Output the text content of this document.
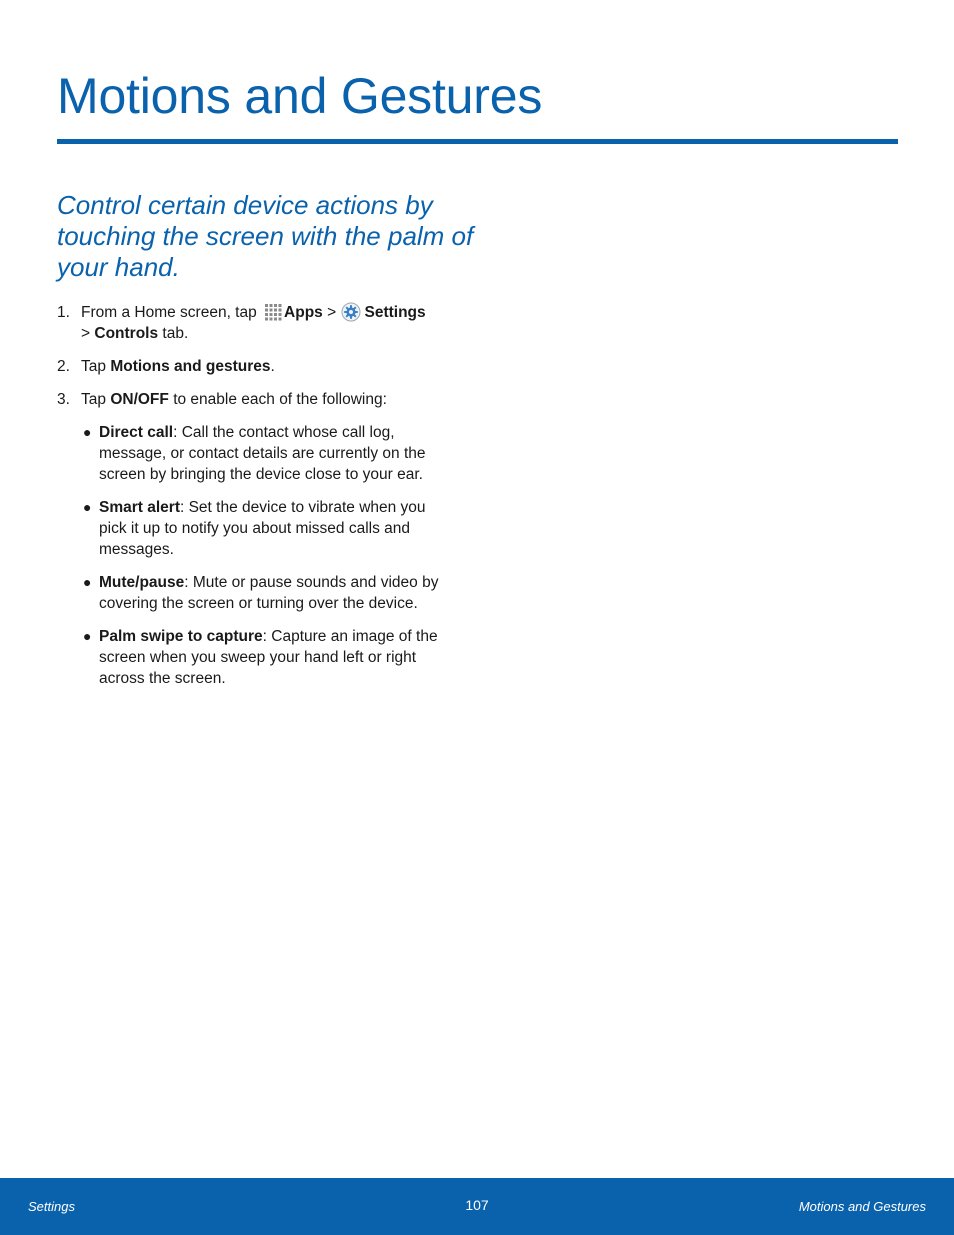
Motions and Gestures
Control certain device actions by touching the screen with the palm of your hand.
1. From a Home screen, tap Apps > Settings
> Controls tab.
2. Tap Motions and gestures.
3. Tap ON/OFF to enable each of the following:
● Direct call: Call the contact whose call log, message, or contact details are currently on the screen by bringing the device close to your ear.
● Smart alert: Set the device to vibrate when you pick it up to notify you about missed calls and messages.
● Mute/pause: Mute or pause sounds and video by covering the screen or turning over the device.
● Palm swipe to capture: Capture an image of the screen when you sweep your hand left or right across the screen.
Settings	107	Motions and Gestures
